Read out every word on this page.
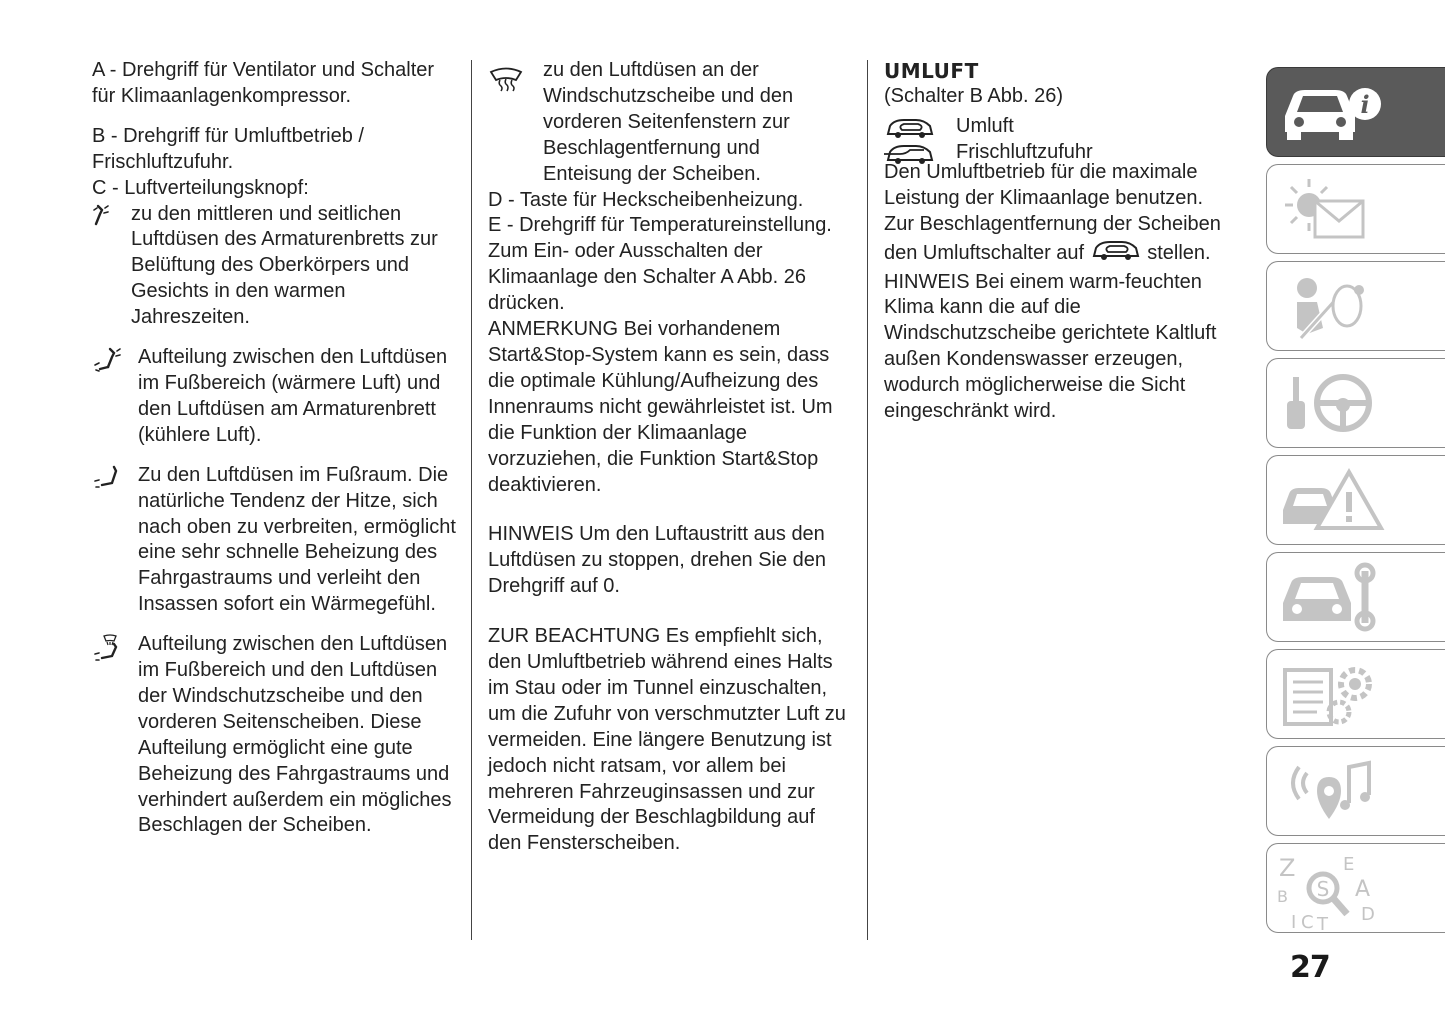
A - Drehgriff für Ventilator und Schalter für Klimaanlagenkompressor.

B - Drehgriff für Umluftbetrieb / Frischluftzufuhr.

C - Luftverteilungsknopf:

zu den mittleren und seitlichen Luftdüsen des Armaturenbretts zur Belüftung des Oberkörpers und Gesichts in den warmen Jahreszeiten.
Aufteilung zwischen den Luftdüsen im Fußbereich (wärmere Luft) und den Luftdüsen am Armaturenbrett (kühlere Luft).
Zu den Luftdüsen im Fußraum. Die natürliche Tendenz der Hitze, sich nach oben zu verbreiten, ermöglicht eine sehr schnelle Beheizung des Fahrgastraums und verleiht den Insassen sofort ein Wärmegefühl.
Aufteilung zwischen den Luftdüsen im Fußbereich und den Luftdüsen der Windschutzscheibe und den vorderen Seitenscheiben. Diese Aufteilung ermöglicht eine gute Beheizung des Fahrgastraums und verhindert außerdem ein mögliches Beschlagen der Scheiben.
zu den Luftdüsen an der Windschutzscheibe und den vorderen Seitenfenstern zur Beschlagentfernung und Enteisung der Scheiben.

D - Taste für Heckscheibenheizung.

E - Drehgriff für Temperatureinstellung.

Zum Ein- oder Ausschalten der Klimaanlage den Schalter A Abb. 26 drücken.

ANMERKUNG Bei vorhandenem Start&Stop-System kann es sein, dass die optimale Kühlung/Aufheizung des Innenraums nicht gewährleistet ist. Um die Funktion der Klimaanlage vorzuziehen, die Funktion Start&Stop deaktivieren.

HINWEIS Um den Luftaustritt aus den Luftdüsen zu stoppen, drehen Sie den Drehgriff auf 0.

ZUR BEACHTUNG Es empfiehlt sich, den Umluftbetrieb während eines Halts im Stau oder im Tunnel einzuschalten, um die Zufuhr von verschmutzter Luft zu vermeiden. Eine längere Benutzung ist jedoch nicht ratsam, vor allem bei mehreren Fahrzeuginsassen und zur Vermeidung der Beschlagbildung auf den Fensterscheiben.

UMLUFT

(Schalter B Abb. 26)

Umluft
Frischluftzufuhr

Den Umluftbetrieb für die maximale Leistung der Klimaanlage benutzen.

Zur Beschlagentfernung der Scheiben den Umluftschalter auf	stellen.

HINWEIS Bei einem warm-feuchten Klima kann die auf die Windschutzscheibe gerichtete Kaltluft außen Kondenswasser erzeugen, wodurch möglicherweise die Sicht eingeschränkt wird.

i
Z	E
B	A
C T D
I
S
27
